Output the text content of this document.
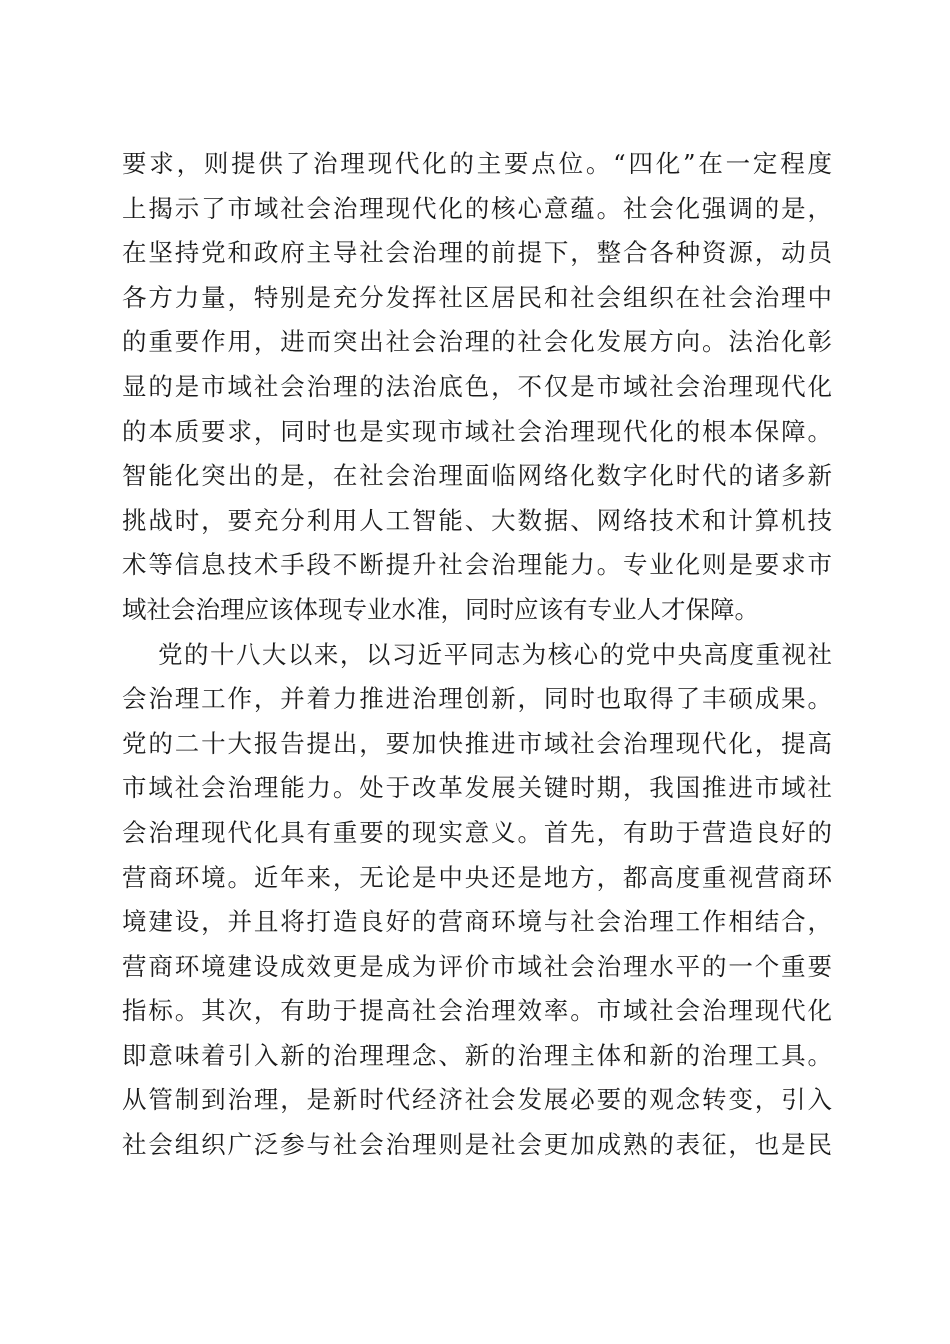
要求，则提供了治理现代化的主要点位。“四化”在一定程度
上揭示了市域社会治理现代化的核心意蕴。社会化强调的是，
在坚持党和政府主导社会治理的前提下，整合各种资源，动员
各方力量，特别是充分发挥社区居民和社会组织在社会治理中
的重要作用，进而突出社会治理的社会化发展方向。法治化彰
显的是市域社会治理的法治底色，不仅是市域社会治理现代化
的本质要求，同时也是实现市域社会治理现代化的根本保障。
智能化突出的是，在社会治理面临网络化数字化时代的诸多新
挑战时，要充分利用人工智能、大数据、网络技术和计算机技
术等信息技术手段不断提升社会治理能力。专业化则是要求市
域社会治理应该体现专业水准，同时应该有专业人才保障。
党的十八大以来，以习近平同志为核心的党中央高度重视社
会治理工作，并着力推进治理创新，同时也取得了丰硕成果。
党的二十大报告提出，要加快推进市域社会治理现代化，提高
市域社会治理能力。处于改革发展关键时期，我国推进市域社
会治理现代化具有重要的现实意义。首先，有助于营造良好的
营商环境。近年来，无论是中央还是地方，都高度重视营商环
境建设，并且将打造良好的营商环境与社会治理工作相结合，
营商环境建设成效更是成为评价市域社会治理水平的一个重要
指标。其次，有助于提高社会治理效率。市域社会治理现代化
即意味着引入新的治理理念、新的治理主体和新的治理工具。
从管制到治理，是新时代经济社会发展必要的观念转变，引入
社会组织广泛参与社会治理则是社会更加成熟的表征，也是民
